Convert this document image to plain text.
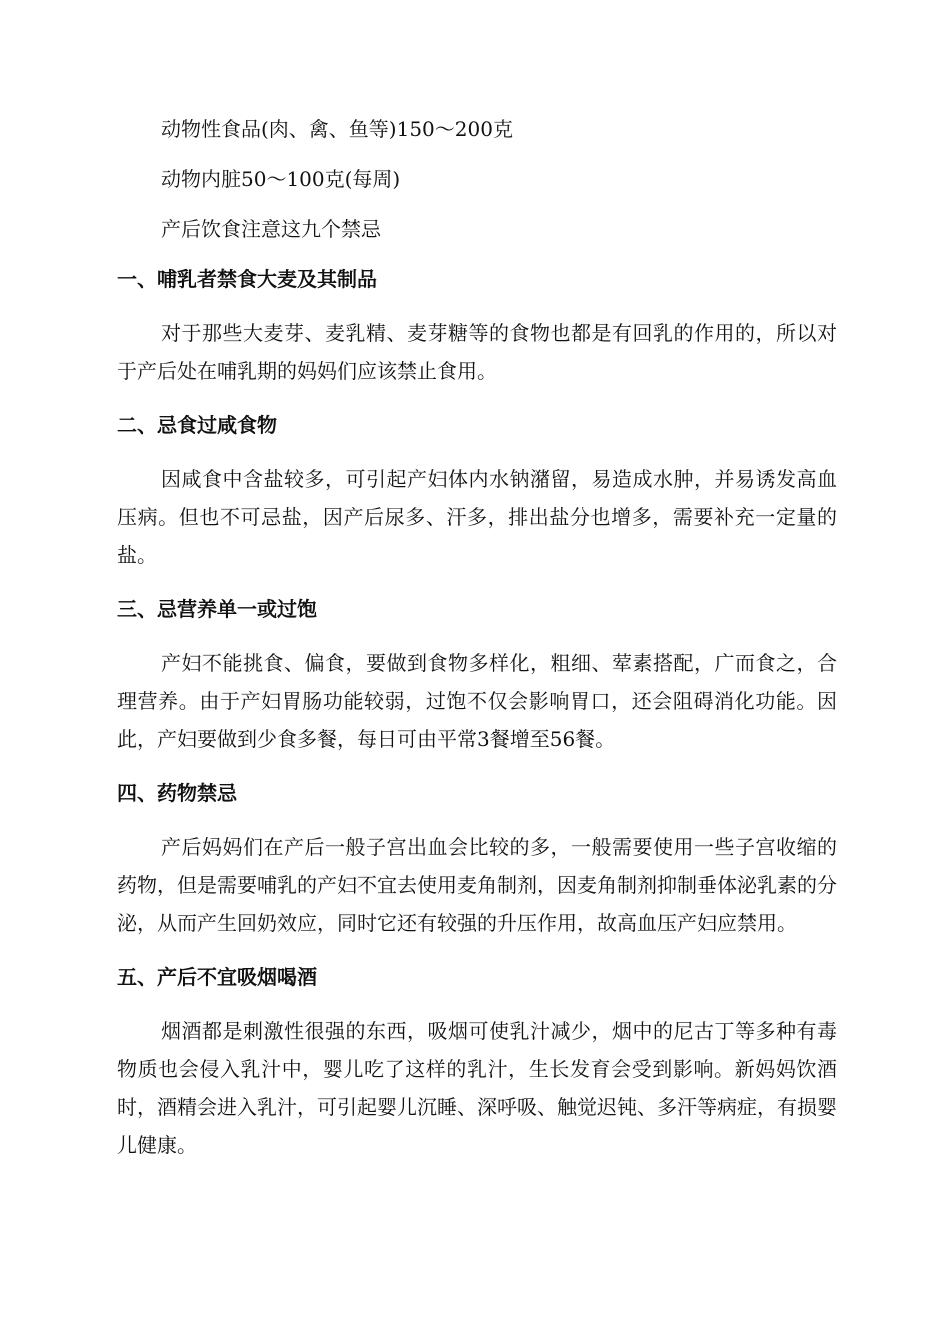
动物性食品(肉、禽、鱼等)150～200克

动物内脏50～100克(每周)

产后饮食注意这九个禁忌

一、哺乳者禁食大麦及其制品

对于那些大麦芽、麦乳精、麦芽糖等的食物也都是有回乳的作用的，所以对于产后处在哺乳期的妈妈们应该禁止食用。

二、忌食过咸食物

因咸食中含盐较多，可引起产妇体内水钠潴留，易造成水肿，并易诱发高血压病。但也不可忌盐，因产后尿多、汗多，排出盐分也增多，需要补充一定量的盐。

三、忌营养单一或过饱

产妇不能挑食、偏食，要做到食物多样化，粗细、荤素搭配，广而食之，合理营养。由于产妇胃肠功能较弱，过饱不仅会影响胃口，还会阻碍消化功能。因此，产妇要做到少食多餐，每日可由平常3餐增至56餐。

四、药物禁忌

产后妈妈们在产后一般子宫出血会比较的多，一般需要使用一些子宫收缩的药物，但是需要哺乳的产妇不宜去使用麦角制剂，因麦角制剂抑制垂体泌乳素的分泌，从而产生回奶效应，同时它还有较强的升压作用，故高血压产妇应禁用。

五、产后不宜吸烟喝酒

烟酒都是刺激性很强的东西，吸烟可使乳汁减少，烟中的尼古丁等多种有毒物质也会侵入乳汁中，婴儿吃了这样的乳汁，生长发育会受到影响。新妈妈饮酒时，酒精会进入乳汁，可引起婴儿沉睡、深呼吸、触觉迟钝、多汗等病症，有损婴儿健康。
